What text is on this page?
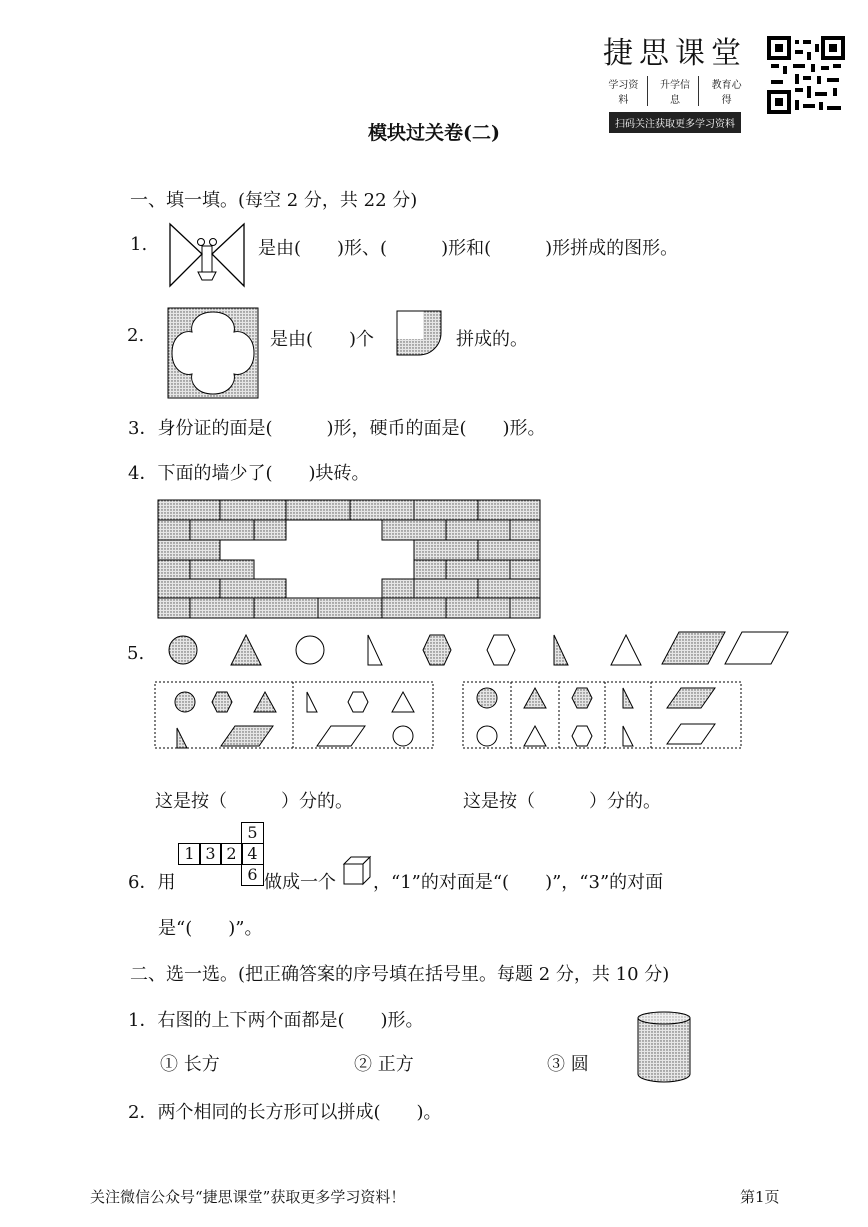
捷思课堂
学习资料
升学信息
教育心得
扫码关注获取更多学习资料
模块过关卷(二)
一、填一填。(每空 2 分，共 22 分)
1.	是由(　　)形、(　　　)形和(　　　)形拼成的图形。
2.	是由(　　)个	拼成的。
3．身份证的面是(　　　)形，硬币的面是(　　)形。
4．下面的墙少了(　　)块砖。
5.
这是按（　　　）分的。	这是按（　　　）分的。
6．用
5
1 3 2 4
6 做成一个 ，“1”的对面是“(　　)”，“3”的对面
是“(　　)”。
二、选一选。(把正确答案的序号填在括号里。每题 2 分，共 10 分)
1．右图的上下两个面都是(　　)形。
① 长方	② 正方	③ 圆
2．两个相同的长方形可以拼成(　　)。
关注微信公众号“捷思课堂”获取更多学习资料！	第1页
